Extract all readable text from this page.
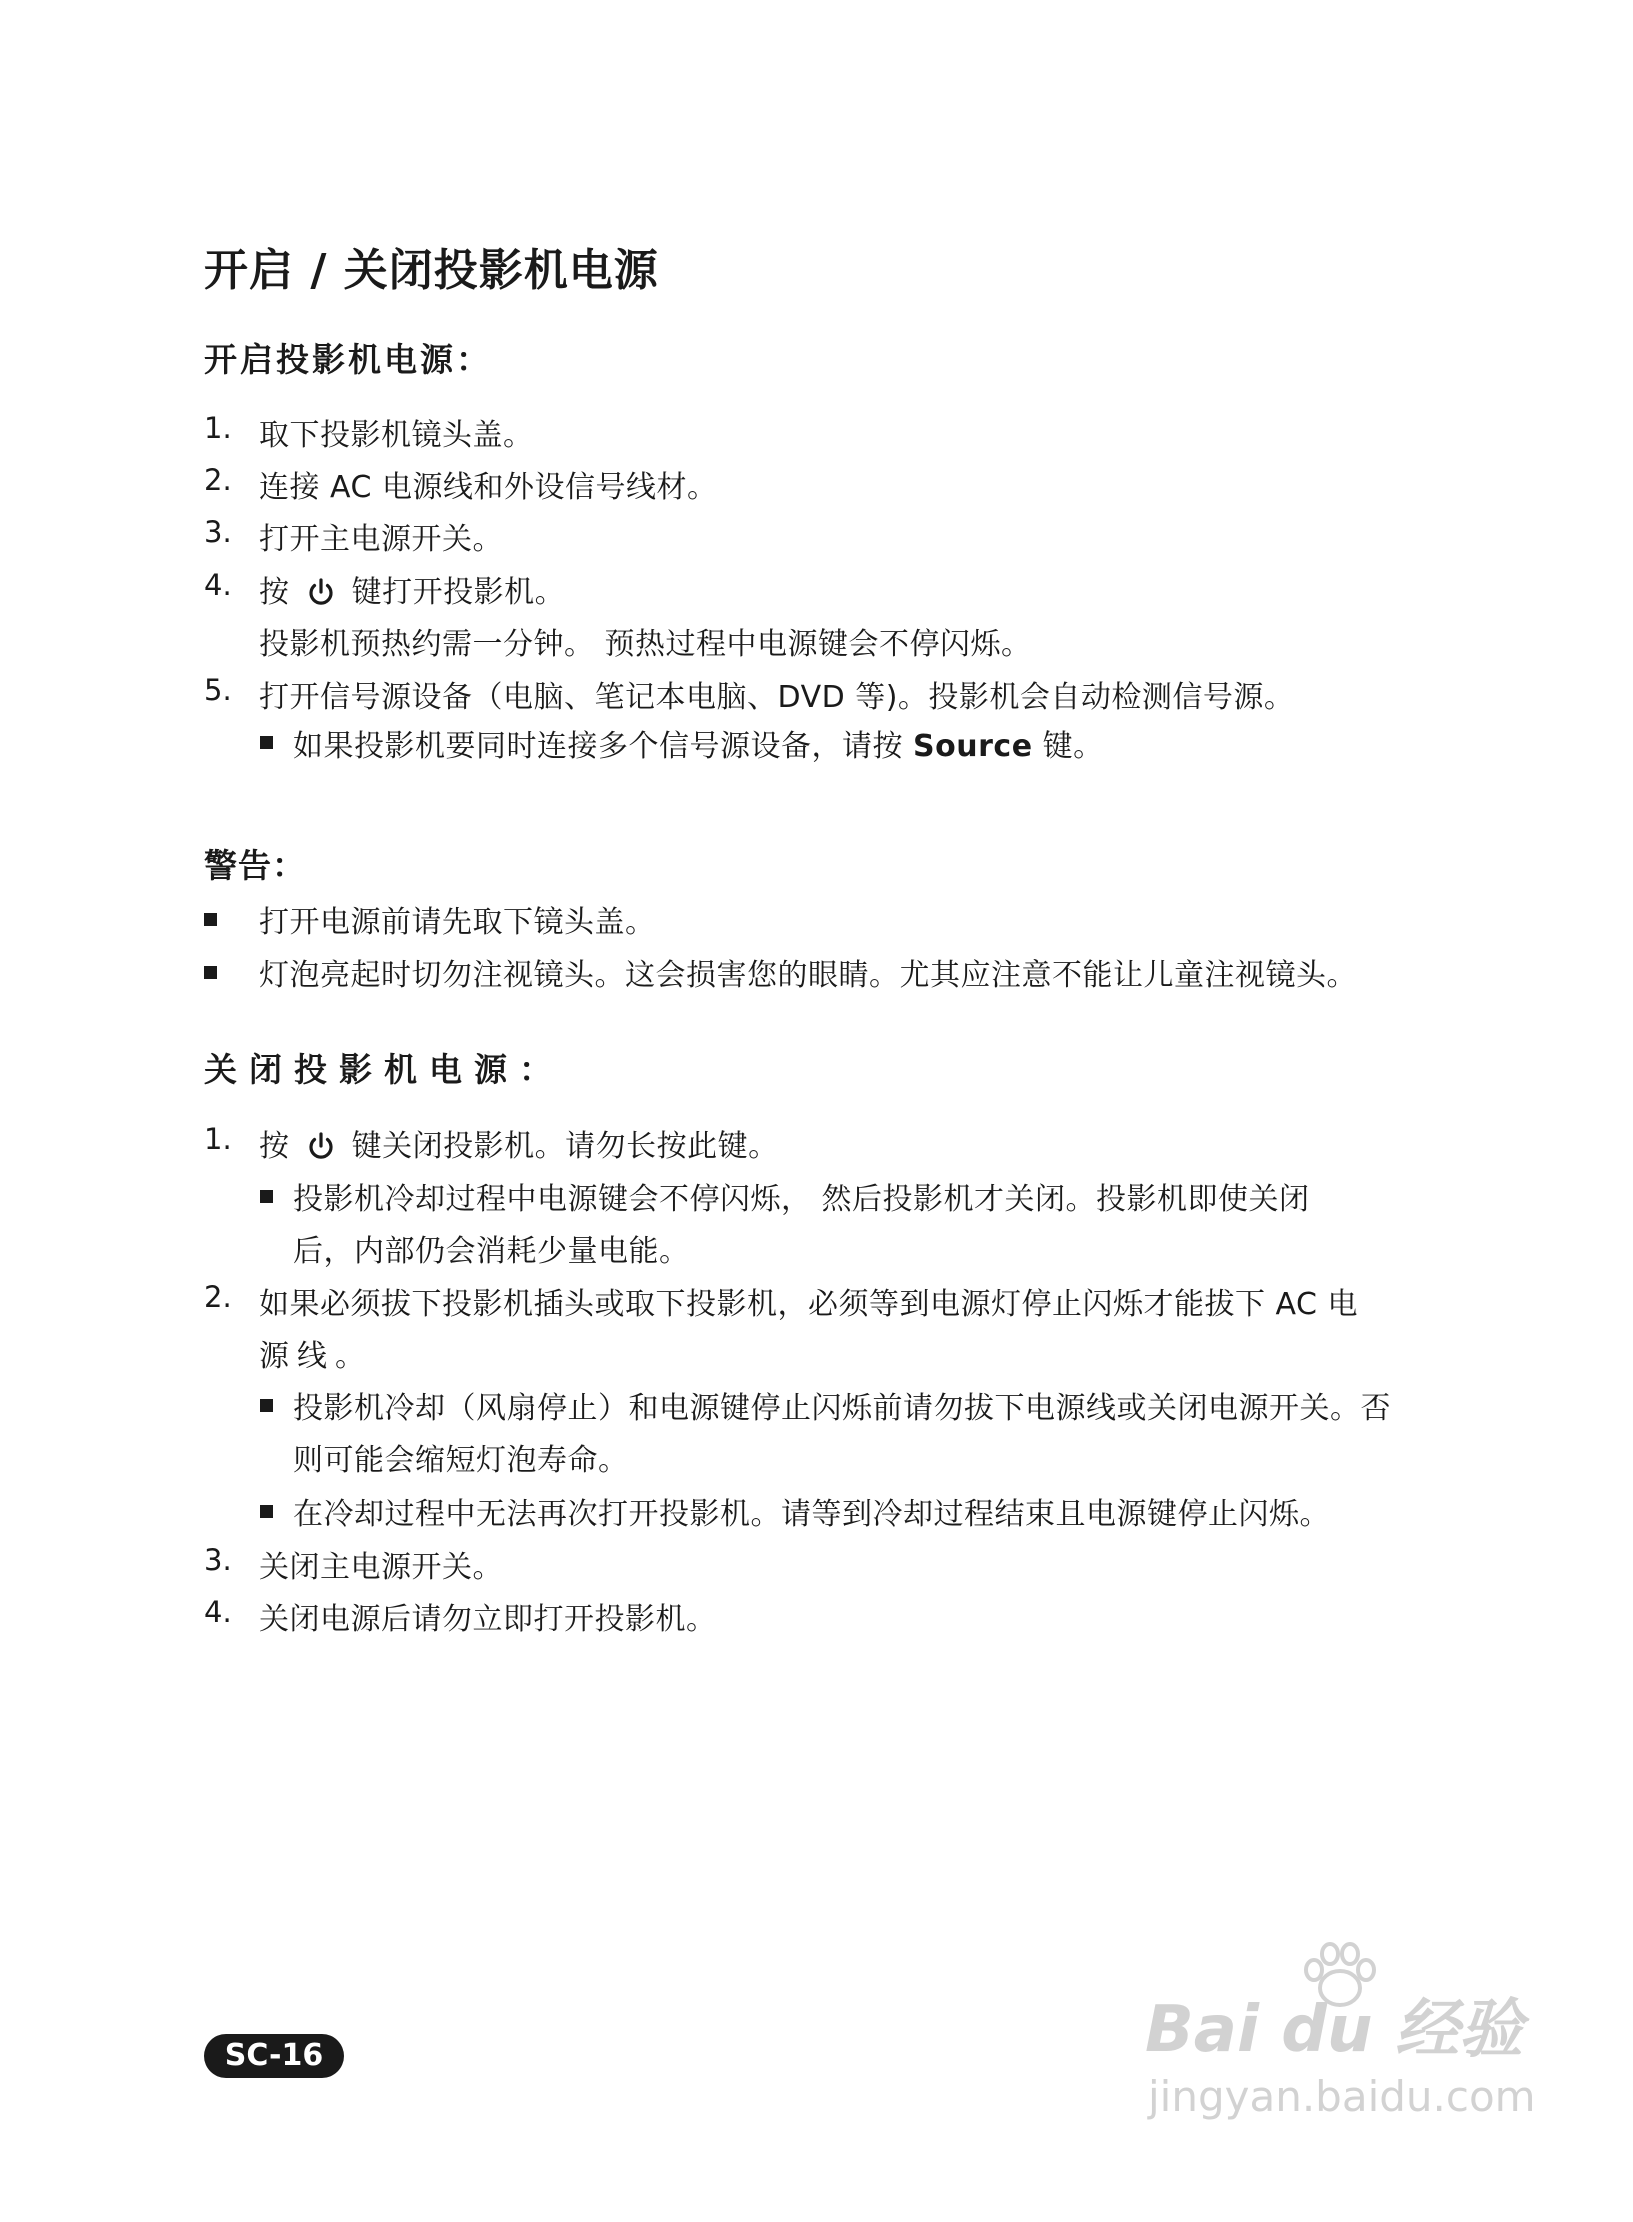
开启 / 关闭投影机电源
开启投影机电源：
1. 取下投影机镜头盖。
2. 连接 AC 电源线和外设信号线材。
3. 打开主电源开关。
4. 按 键打开投影机。
投影机预热约需一分钟。 预热过程中电源键会不停闪烁。
5. 打开信号源设备（电脑、笔记本电脑、DVD 等)。投影机会自动检测信号源。
如果投影机要同时连接多个信号源设备，请按 Source 键。
警告：
打开电源前请先取下镜头盖。
灯泡亮起时切勿注视镜头。这会损害您的眼睛。尤其应注意不能让儿童注视镜头。
关闭投影机电源：
1. 按 键关闭投影机。请勿长按此键。
投影机冷却过程中电源键会不停闪烁， 然后投影机才关闭。投影机即使关闭
后，内部仍会消耗少量电能。
2. 如果必须拔下投影机插头或取下投影机，必须等到电源灯停止闪烁才能拔下 AC 电
源线。
投影机冷却（风扇停止）和电源键停止闪烁前请勿拔下电源线或关闭电源开关。否
则可能会缩短灯泡寿命。
在冷却过程中无法再次打开投影机。请等到冷却过程结束且电源键停止闪烁。
3. 关闭主电源开关。
4. 关闭电源后请勿立即打开投影机。
SC-16	Bai du 经验
jingyan.baidu.com
